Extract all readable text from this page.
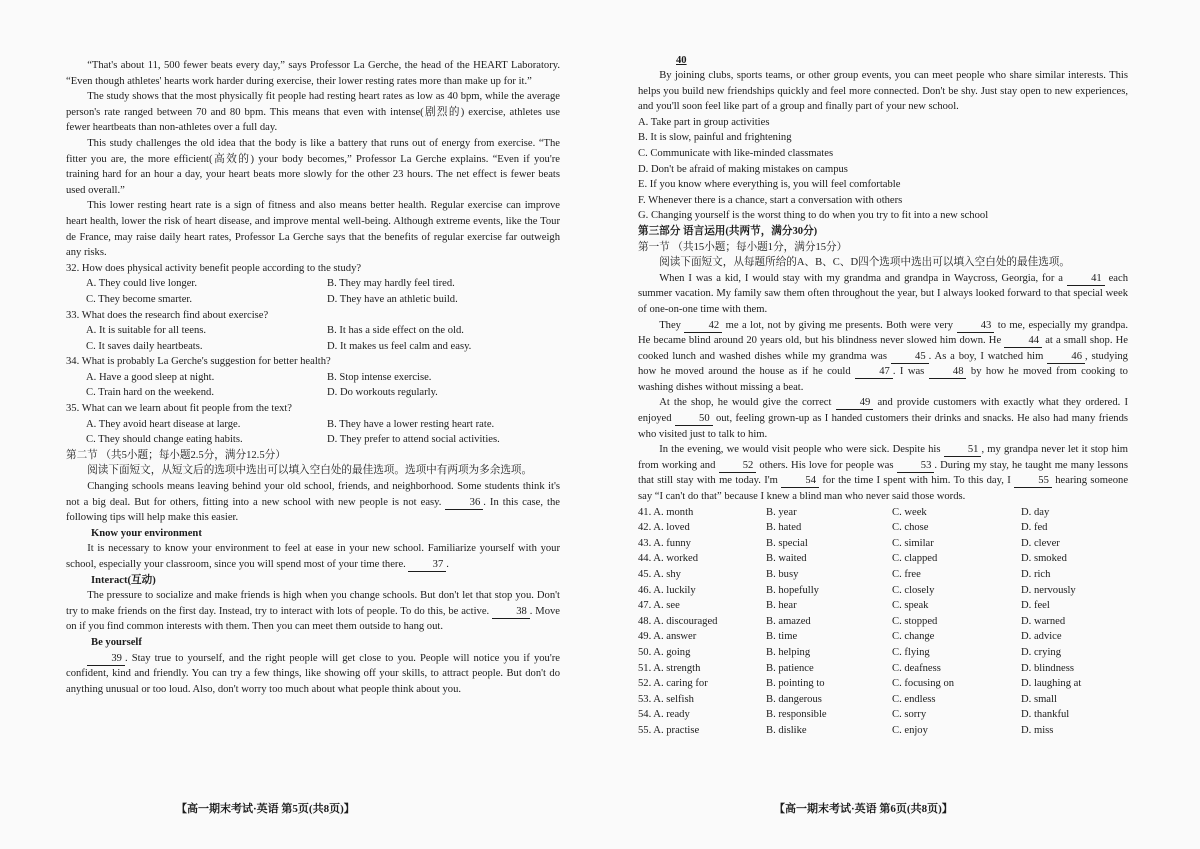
“That's about 11, 500 fewer beats every day,” says Professor La Gerche, the head of the HEART Laboratory. “Even though athletes' hearts work harder during exercise, their lower resting rates more than make up for it.”

The study shows that the most physically fit people had resting heart rates as low as 40 bpm, while the average person's rate ranged between 70 and 80 bpm. This means that even with intense(剧烈的) exercise, athletes use fewer heartbeats than non-athletes over a full day.

This study challenges the old idea that the body is like a battery that runs out of energy from exercise. “The fitter you are, the more efficient(高效的) your body becomes,” Professor La Gerche explains. “Even if you're training hard for an hour a day, your heart beats more slowly for the other 23 hours. The net effect is fewer beats used overall.”

This lower resting heart rate is a sign of fitness and also means better health. Regular exercise can improve heart health, lower the risk of heart disease, and improve mental well-being. Although extreme events, like the Tour de France, may raise daily heart rates, Professor La Gerche says that the benefits of regular exercise far outweigh any risks.

32. How does physical activity benefit people according to the study?

A. They could live longer.	B. They may hardly feel tired.
C. They become smarter.	D. They have an athletic build.

33. What does the research find about exercise?

A. It is suitable for all teens.	B. It has a side effect on the old.
C. It saves daily heartbeats.	D. It makes us feel calm and easy.

34. What is probably La Gerche's suggestion for better health?

A. Have a good sleep at night.	B. Stop intense exercise.
C. Train hard on the weekend.	D. Do workouts regularly.

35. What can we learn about fit people from the text?

A. They avoid heart disease at large.	B. They have a lower resting heart rate.
C. They should change eating habits.	D. They prefer to attend social activities.

第二节 （共5小题；每小题2.5分，满分12.5分）

阅读下面短文，从短文后的选项中选出可以填入空白处的最佳选项。选项中有两项为多余选项。

Changing schools means leaving behind your old school, friends, and neighborhood. Some students think it's not a big deal. But for others, fitting into a new school with new people is not easy.	36 . In this case, the following tips will help make this easier.

Know your environment

It is necessary to know your environment to feel at ease in your new school. Familiarize yourself with your school, especially your classroom, since you will spend most of your time there.	37 .

Interact(互动)

The pressure to socialize and make friends is high when you change schools. But don't let that stop you. Don't try to make friends on the first day. Instead, try to interact with lots of people. To do this, be active.	38 . Move on if you find common interests with them. Then you can meet them outside to hang out.

Be yourself

39 . Stay true to yourself, and the right people will get close to you. People will notice you if you're confident, kind and friendly. You can try a few things, like showing off your skills, to attract people. But don't do anything unusual or too loud. Also, don't worry too much about what people think about you.

【高一期末考试·英语 第5页(共8页)】
40

By joining clubs, sports teams, or other group events, you can meet people who share similar interests. This helps you build new friendships quickly and feel more connected. Don't be shy. Just stay open to new experiences, and you'll soon feel like part of a group and finally part of your new school.

A. Take part in group activities

B. It is slow, painful and frightening

C. Communicate with like-minded classmates

D. Don't be afraid of making mistakes on campus

E. If you know where everything is, you will feel comfortable

F. Whenever there is a chance, start a conversation with others

G. Changing yourself is the worst thing to do when you try to fit into a new school

第三部分 语言运用(共两节，满分30分)

第一节 （共15小题；每小题1分，满分15分）

阅读下面短文，从每题所给的A、B、C、D四个选项中选出可以填入空白处的最佳选项。

When I was a kid, I would stay with my grandma and grandpa in Waycross, Georgia, for a	41 each summer vacation. My family saw them often throughout the year, but I always looked forward to that special week of one-on-one time with them.

They	42 me a lot, not by giving me presents. Both were very	43 to me, especially my grandpa. He became blind around 20 years old, but his blindness never slowed him down. He	44 at a small shop. He cooked lunch and washed dishes while my grandma was	45 . As a boy, I watched him	46 , studying how he moved around the house as if he could	47 . I was	48 by how he moved from cooking to washing dishes without missing a beat.

At the shop, he would give the correct	49 and provide customers with exactly what they ordered. I enjoyed	50 out, feeling grown-up as I handed customers their drinks and snacks. He also had many friends who visited just to talk to him.

In the evening, we would visit people who were sick. Despite his	51 , my grandpa never let it stop him from working and	52 others. His love for people was	53 . During my stay, he taught me many lessons that still stay with me today. I'm	54 for the time I spent with him. To this day, I	55 hearing someone say “I can't do that” because I knew a blind man who never said those words.

41. A. month	B. year	C. week	D. day
42. A. loved	B. hated	C. chose	D. fed
43. A. funny	B. special	C. similar	D. clever
44. A. worked	B. waited	C. clapped	D. smoked
45. A. shy	B. busy	C. free	D. rich
46. A. luckily	B. hopefully	C. closely	D. nervously
47. A. see	B. hear	C. speak	D. feel
48. A. discouraged	B. amazed	C. stopped	D. warned
49. A. answer	B. time	C. change	D. advice
50. A. going	B. helping	C. flying	D. crying
51. A. strength	B. patience	C. deafness	D. blindness
52. A. caring for	B. pointing to	C. focusing on	D. laughing at
53. A. selfish	B. dangerous	C. endless	D. small
54. A. ready	B. responsible	C. sorry	D. thankful
55. A. practise	B. dislike	C. enjoy	D. miss
【高一期末考试·英语 第6页(共8页)】
